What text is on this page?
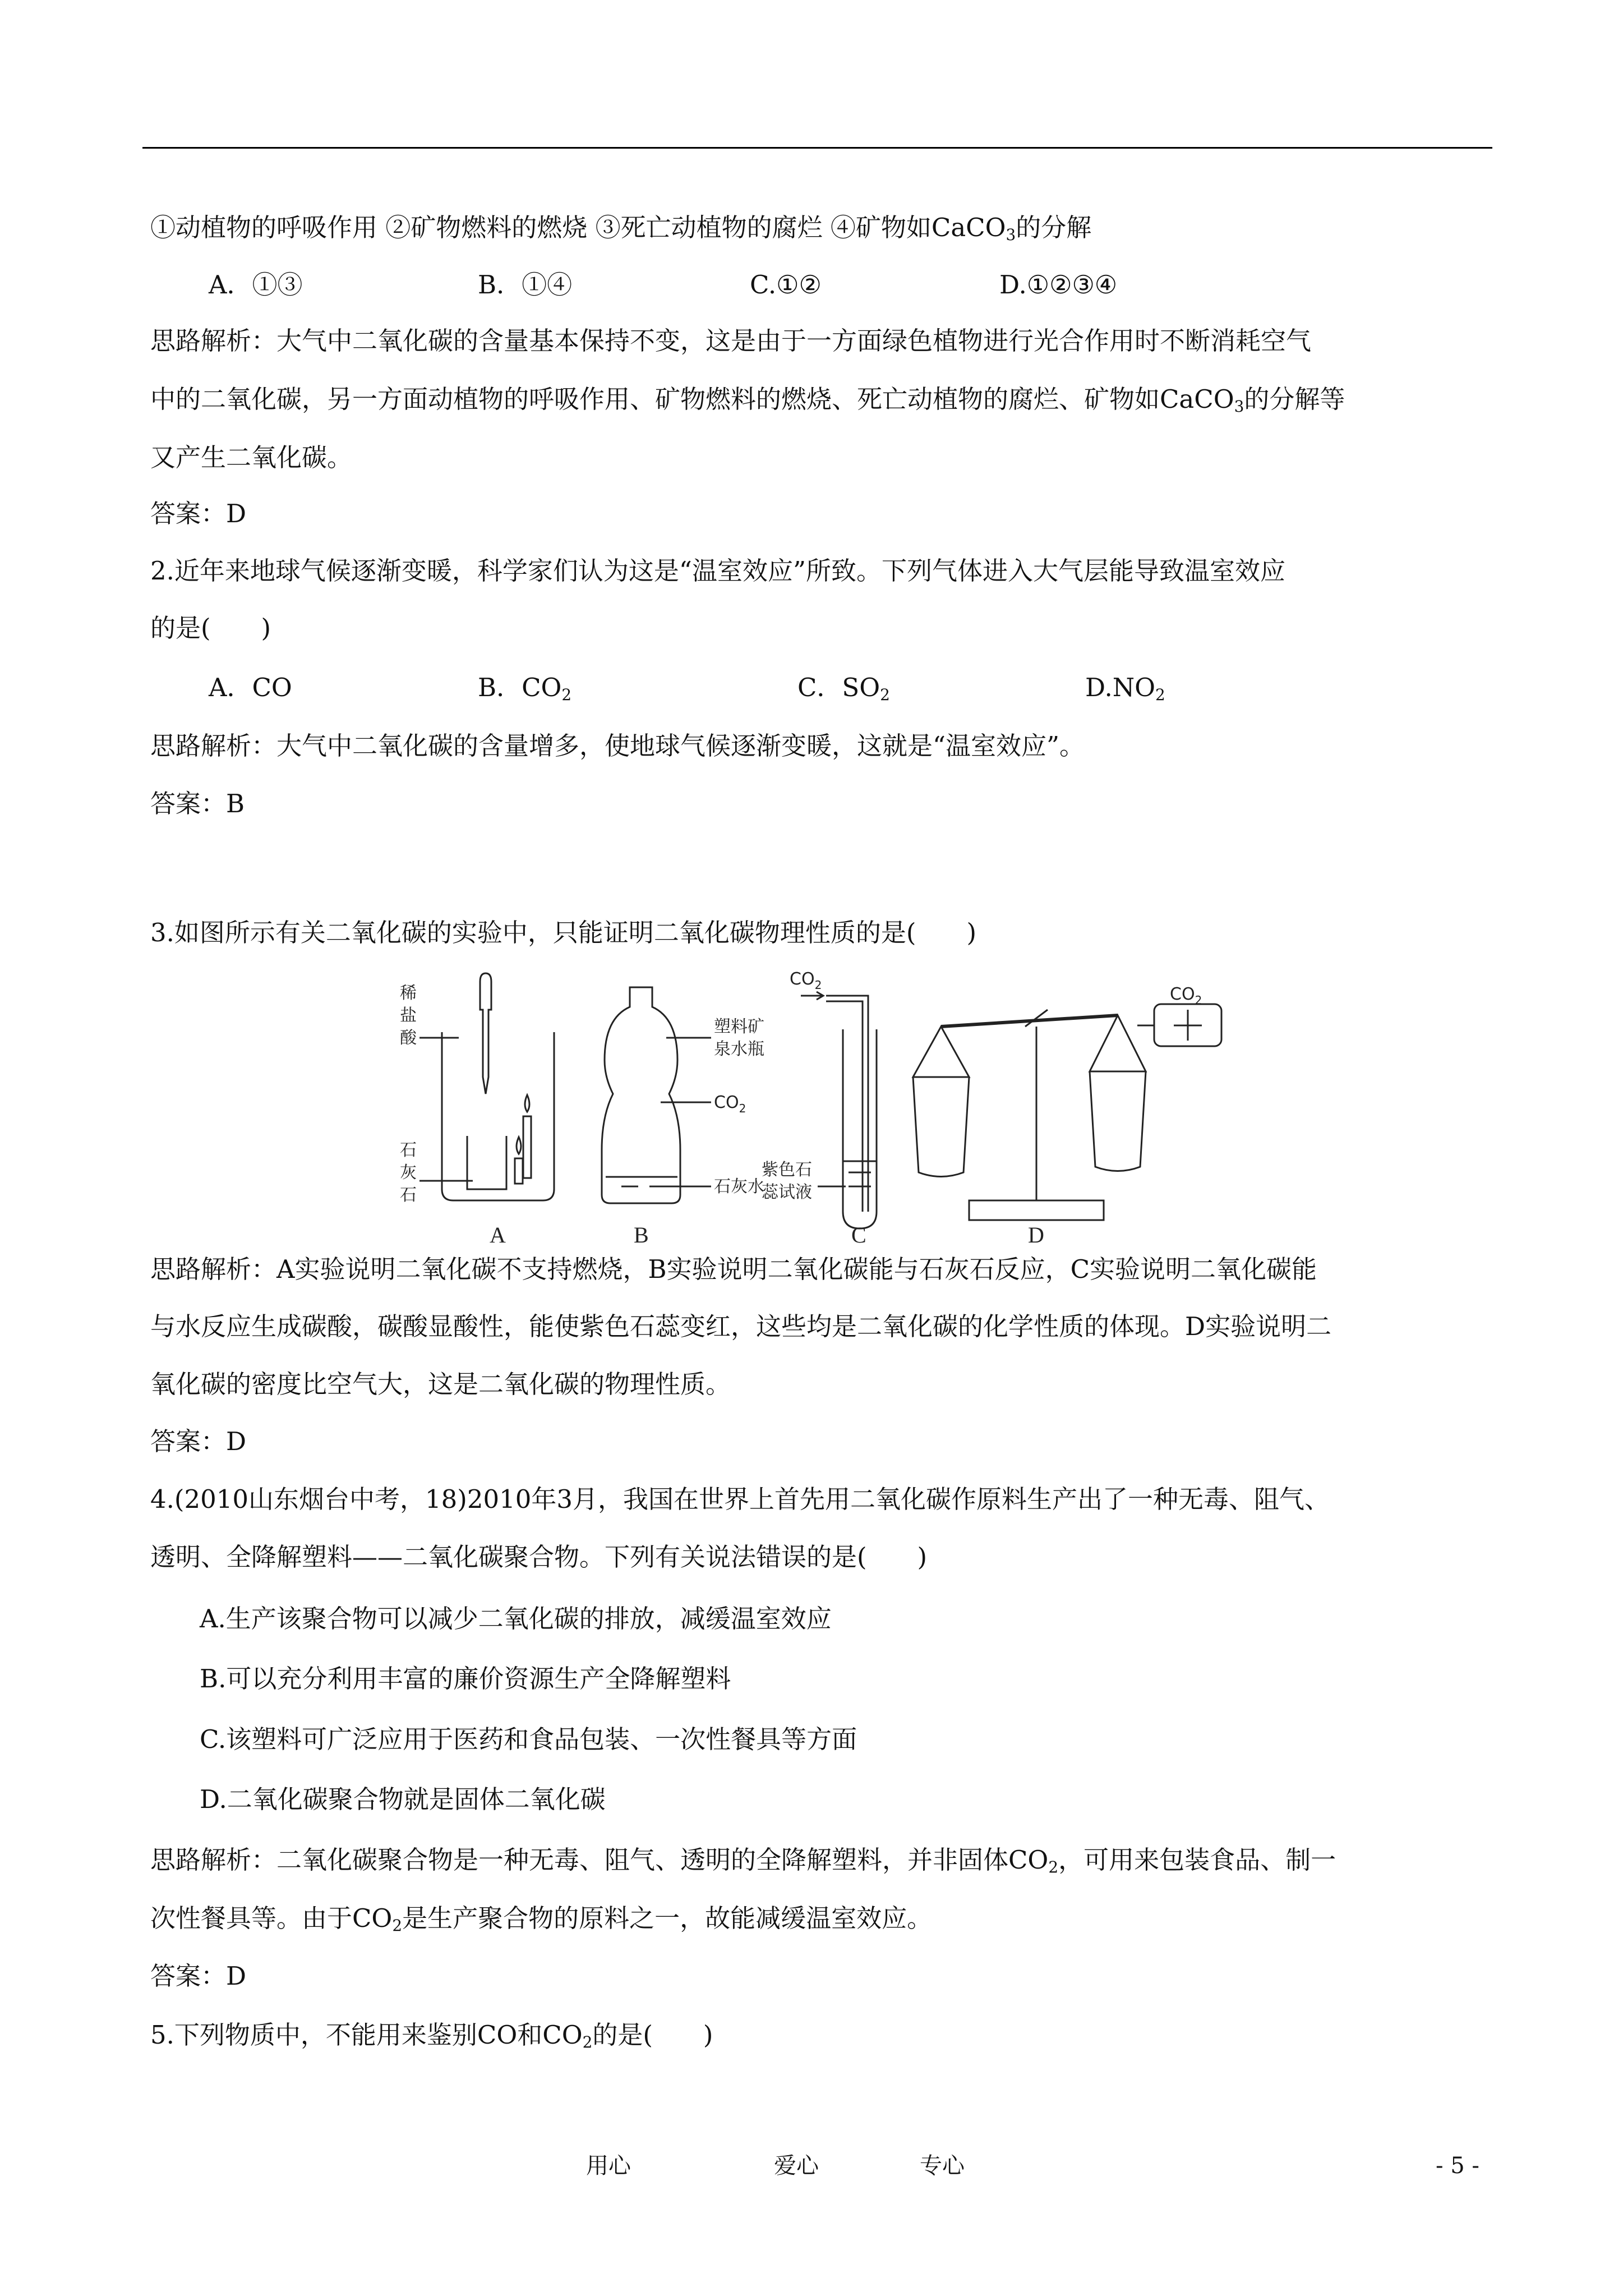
①动植物的呼吸作用 ②矿物燃料的燃烧 ③死亡动植物的腐烂 ④矿物如CaCO$_3$的分解
A．①③	B．①④	C.①②	D.①②③④
思路解析：大气中二氧化碳的含量基本保持不变，这是由于一方面绿色植物进行光合作用时不断消耗空气
中的二氧化碳，另一方面动植物的呼吸作用、矿物燃料的燃烧、死亡动植物的腐烂、矿物如CaCO$_3$的分解等
又产生二氧化碳。
答案：D
2.近年来地球气候逐渐变暖，科学家们认为这是“温室效应”所致。下列气体进入大气层能导致温室效应
的是(　　)
A．CO	B．$CO_2$	C．$SO_2$	$D.NO_2$
思路解析：大气中二氧化碳的含量增多，使地球气候逐渐变暖，这就是“温室效应”。
答案：B
3.如图所示有关二氧化碳的实验中，只能证明二氧化碳物理性质的是(　　)
稀
盐
酸
石
灰
石
塑料矿
泉水瓶
$CO_2$
石灰水
$CO_2$
紫色石
蕊试液
$CO_2$
A	B	C	D
思路解析：A实验说明二氧化碳不支持燃烧，B实验说明二氧化碳能与石灰石反应，C实验说明二氧化碳能
与水反应生成碳酸，碳酸显酸性，能使紫色石蕊变红，这些均是二氧化碳的化学性质的体现。D实验说明二
氧化碳的密度比空气大，这是二氧化碳的物理性质。
答案：D
4.(2010山东烟台中考，18)2010年3月，我国在世界上首先用二氧化碳作原料生产出了一种无毒、阻气、
透明、全降解塑料——二氧化碳聚合物。下列有关说法错误的是(　　)
A.生产该聚合物可以减少二氧化碳的排放，减缓温室效应
B.可以充分利用丰富的廉价资源生产全降解塑料
C.该塑料可广泛应用于医药和食品包装、一次性餐具等方面
D.二氧化碳聚合物就是固体二氧化碳
思路解析：二氧化碳聚合物是一种无毒、阻气、透明的全降解塑料，并非固体$CO_2$，可用来包装食品、制一
次性餐具等。由于$CO_2$是生产聚合物的原料之一，故能减缓温室效应。
答案：D
5.下列物质中，不能用来鉴别CO和$CO_2$的是(　　)
用心	爱心	专心	- 5 -
